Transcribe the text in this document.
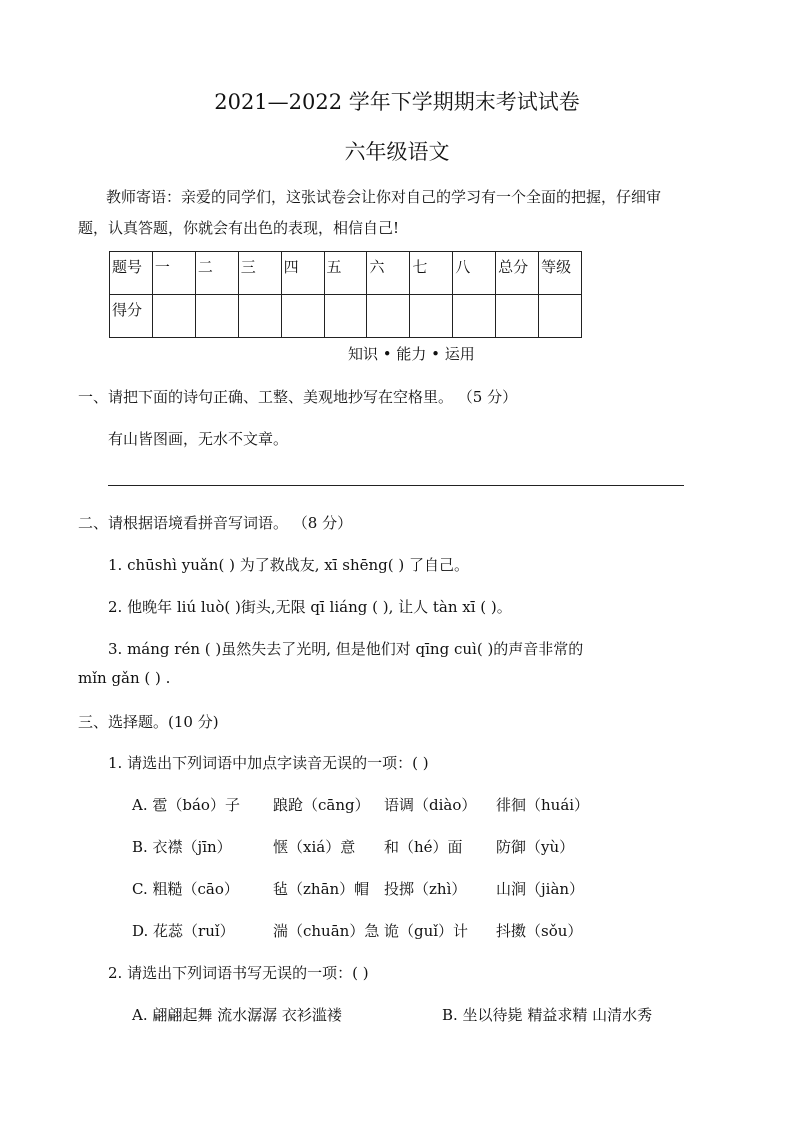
2021—2022 学年下学期期末考试试卷
六年级语文
教师寄语：亲爱的同学们，这张试卷会让你对自己的学习有一个全面的把握，仔细审
题，认真答题，你就会有出色的表现，相信自己!
题号	一	二	三	四	五	六	七	八	总分	等级
得分										
知识 • 能力 • 运用
一、请把下面的诗句正确、工整、美观地抄写在空格里。 （5 分）
有山皆图画，无水不文章。
二、请根据语境看拼音写词语。 （8 分）
1. chūshì yuǎn( ) 为了救战友, xī shēng( ) 了自己。
2. 他晚年 liú luò( )街头,无限 qī liáng ( ), 让人 tàn xī ( )。
3. máng rén ( )虽然失去了光明, 但是他们对 qīng cuì( )的声音非常的
mǐn gǎn ( ) .
三、选择题。(10 分)
1. 请选出下列词语中加点字读音无误的一项：( )
A. 雹（báo）子 踉跄（cāng） 语调（diào） 徘徊（huái）
B. 衣襟（jīn）	惬（xiá）意 和（hé）面 防御（yù）
C. 粗糙（cāo） 毡（zhān）帽 投掷（zhì） 山涧（jiàn）
D. 花蕊（ruǐ）	湍（chuān）急 诡（guǐ）计 抖擞（sǒu）
2. 请选出下列词语书写无误的一项：( )
A. 翩翩起舞 流水潺潺 衣衫滥褛	B. 坐以待毙 精益求精 山清水秀
